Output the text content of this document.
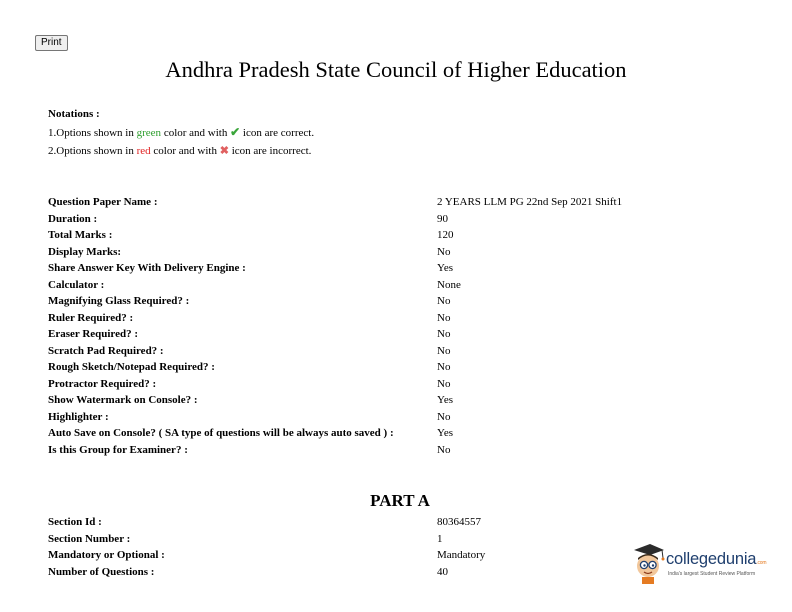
Print
Andhra Pradesh State Council of Higher Education
Notations :
1.Options shown in green color and with ✔ icon are correct.
2.Options shown in red color and with ✖ icon are incorrect.
Question Paper Name :	2 YEARS LLM PG 22nd Sep 2021 Shift1
Duration :	90
Total Marks :	120
Display Marks:	No
Share Answer Key With Delivery Engine :	Yes
Calculator :	None
Magnifying Glass Required? :	No
Ruler Required? :	No
Eraser Required? :	No
Scratch Pad Required? :	No
Rough Sketch/Notepad Required? :	No
Protractor Required? :	No
Show Watermark on Console? :	Yes
Highlighter :	No
Auto Save on Console? ( SA type of questions will be always auto saved ) :	Yes
Is this Group for Examiner? :	No
PART A
Section Id :	80364557
Section Number :	1
Mandatory or Optional :	Mandatory
Number of Questions :	40
collegedunia.com
India's largest Student Review Platform
